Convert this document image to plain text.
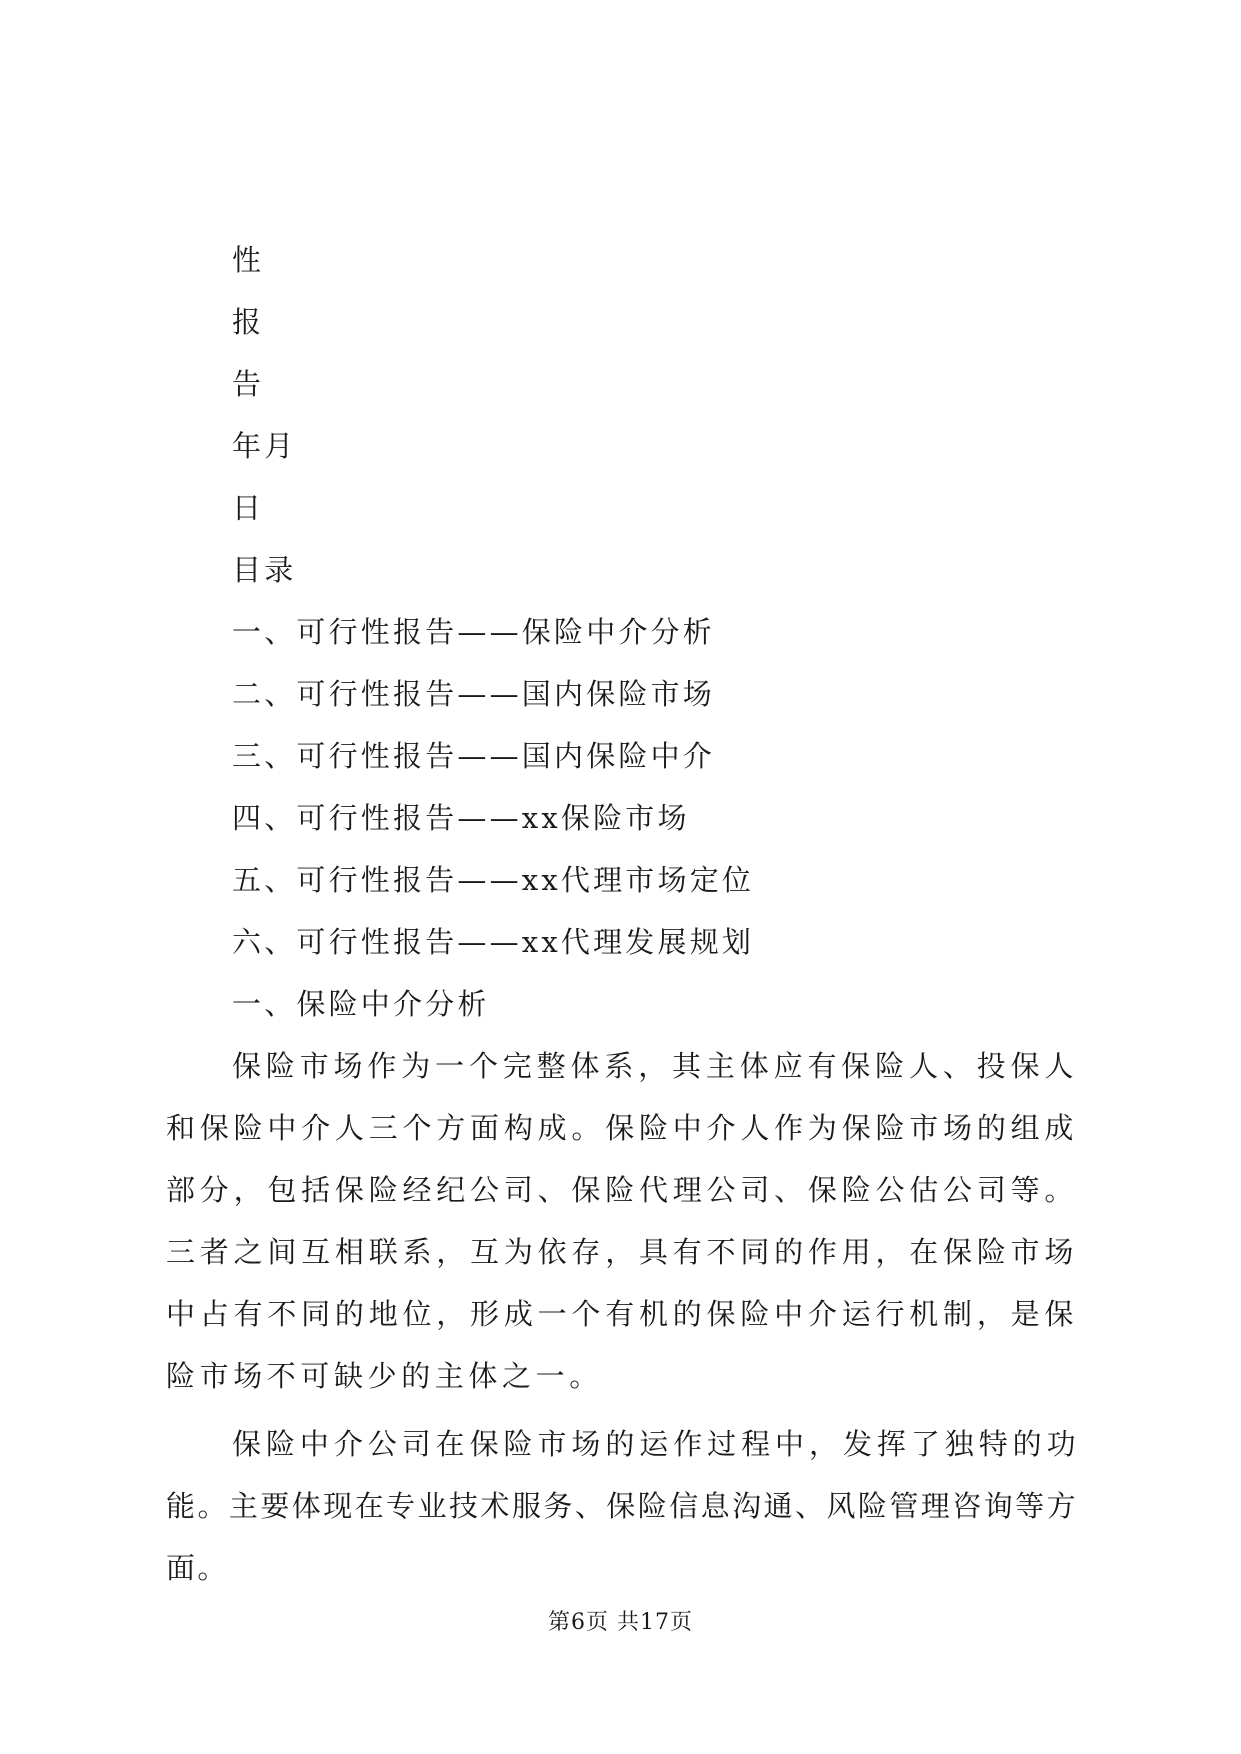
性
报
告
年月
日
目录
一、可行性报告——保险中介分析
二、可行性报告——国内保险市场
三、可行性报告——国内保险中介
四、可行性报告——xx保险市场
五、可行性报告——xx代理市场定位
六、可行性报告——xx代理发展规划
一、保险中介分析

保险市场作为一个完整体系，其主体应有保险人、投保人和保险中介人三个方面构成。保险中介人作为保险市场的组成部分，包括保险经纪公司、保险代理公司、保险公估公司等。三者之间互相联系，互为依存，具有不同的作用，在保险市场中占有不同的地位，形成一个有机的保险中介运行机制，是保险市场不可缺少的主体之一。

保险中介公司在保险市场的运作过程中，发挥了独特的功能。主要体现在专业技术服务、保险信息沟通、风险管理咨询等方面。

第6页 共17页
